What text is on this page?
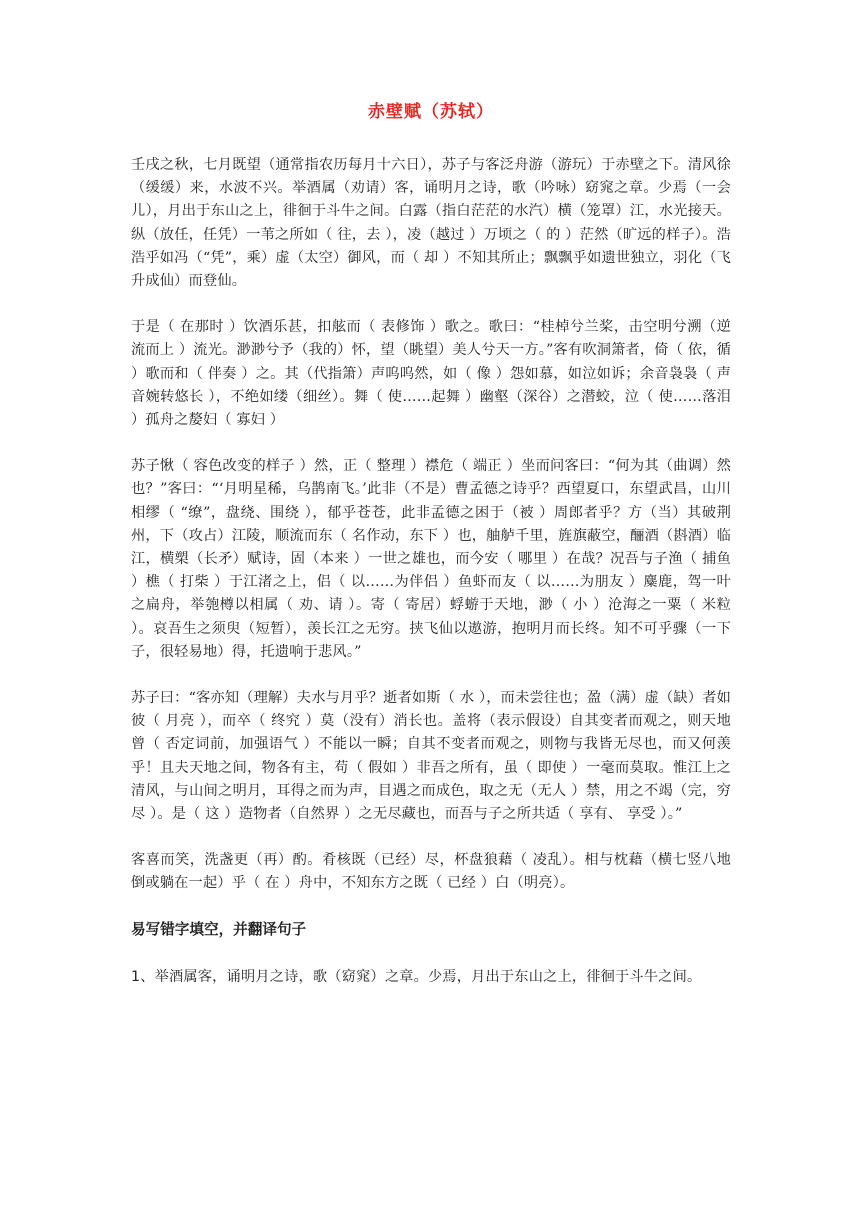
赤壁赋（苏轼）

壬戌之秋，七月既望（通常指农历每月十六日），苏子与客泛舟游（游玩）于赤壁之下。清风徐（缓缓）来，水波不兴。举酒属（劝请）客，诵明月之诗，歌（吟咏）窈窕之章。少焉（一会儿），月出于东山之上，徘徊于斗牛之间。白露（指白茫茫的水汽）横（笼罩）江，水光接天。纵（放任，任凭）一苇之所如（ 往，去 ），凌（越过 ）万顷之（ 的 ）茫然（旷远的样子）。浩浩乎如冯（“凭”，乘）虚（太空）御风，而（ 却 ）不知其所止；飘飘乎如遗世独立，羽化（飞升成仙）而登仙。

于是（ 在那时 ）饮酒乐甚，扣舷而（ 表修饰 ）歌之。歌曰：“桂棹兮兰桨，击空明兮溯（逆流而上 ）流光。渺渺兮予（我的）怀，望（眺望）美人兮天一方。”客有吹洞箫者，倚（ 依，循 ）歌而和（ 伴奏 ）之。其（代指箫）声呜呜然，如（ 像 ）怨如慕，如泣如诉；余音袅袅（ 声音婉转悠长 ），不绝如缕（细丝）。舞（ 使……起舞 ）幽壑（深谷）之潜蛟，泣（ 使……落泪 ）孤舟之嫠妇（ 寡妇 ）

苏子愀（ 容色改变的样子 ）然，正（ 整理 ）襟危（ 端正 ）坐而问客曰：“何为其（曲调）然也？”客曰：“‘月明星稀，乌鹊南飞。’此非（不是）曹孟德之诗乎？西望夏口，东望武昌，山川相缪（ “缭”，盘绕、围绕 ），郁乎苍苍，此非孟德之困于（被 ）周郎者乎？方（当）其破荆州，下（攻占）江陵，顺流而东（ 名作动，东下 ）也，舳舻千里，旌旗蔽空，酾酒（斟酒）临江，横槊（长矛）赋诗，固（本来 ）一世之雄也，而今安（ 哪里 ）在哉？况吾与子渔（ 捕鱼 ）樵（ 打柴 ）于江渚之上，侣（ 以……为伴侣 ）鱼虾而友（ 以……为朋友 ）麋鹿，驾一叶之扁舟，举匏樽以相属（ 劝、请 ）。寄（ 寄居）蜉蝣于天地，渺（ 小 ）沧海之一粟（ 米粒 ）。哀吾生之须臾（短暂），羡长江之无穷。挟飞仙以遨游，抱明月而长终。知不可乎骤（一下子，很轻易地）得，托遗响于悲风。”

苏子曰：“客亦知（理解）夫水与月乎？逝者如斯（ 水 ），而未尝往也；盈（满）虚（缺）者如彼（ 月亮 ），而卒（ 终究 ）莫（没有）消长也。盖将（表示假设）自其变者而观之，则天地曾（ 否定词前，加强语气 ）不能以一瞬；自其不变者而观之，则物与我皆无尽也，而又何羡乎！且夫天地之间，物各有主，苟（ 假如 ）非吾之所有，虽（ 即使 ）一毫而莫取。惟江上之清风，与山间之明月，耳得之而为声，目遇之而成色，取之无（无人 ）禁，用之不竭（完，穷尽 ）。是（ 这 ）造物者（自然界 ）之无尽藏也，而吾与子之所共适（ 享有、 享受 ）。”

客喜而笑，洗盏更（再）酌。肴核既（已经）尽，杯盘狼藉（ 凌乱）。相与枕藉（横七竖八地倒或躺在一起）乎（ 在 ）舟中，不知东方之既（ 已经 ）白（明亮）。

易写错字填空，并翻译句子

1、举酒属客，诵明月之诗，歌（窈窕）之章。少焉，月出于东山之上，徘徊于斗牛之间。
